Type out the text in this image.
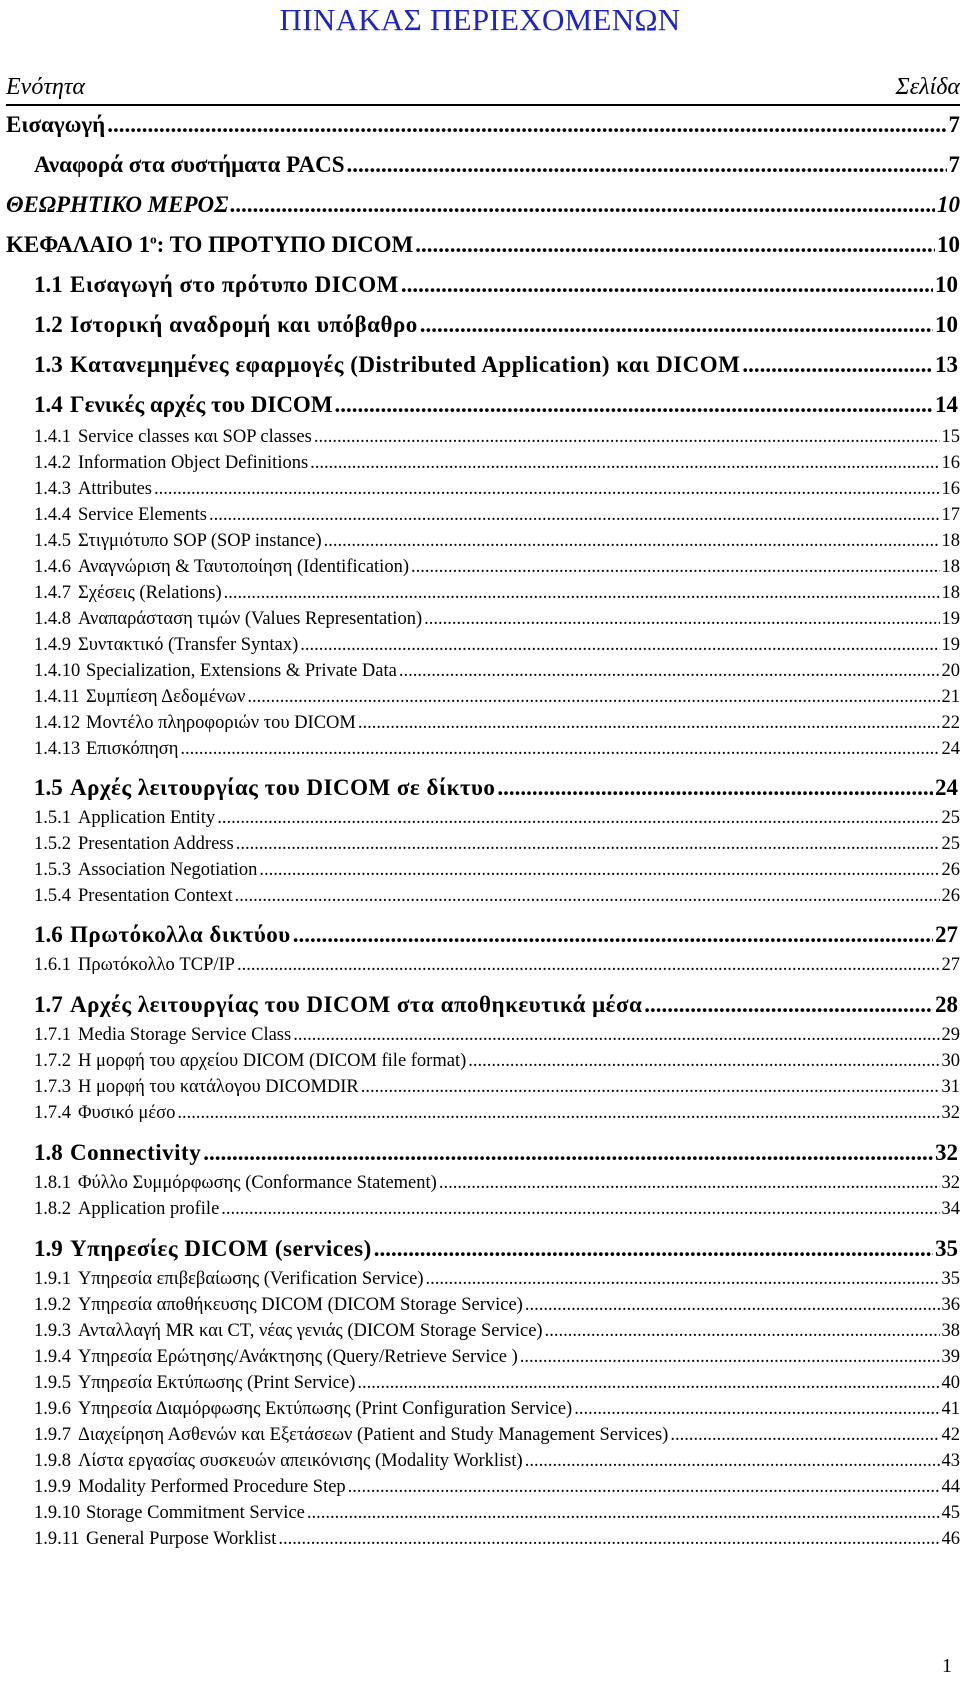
ΠΙΝΑΚΑΣ ΠΕΡΙΕΧΟΜΕΝΩΝ
Ενότητα	Σελίδα
Εισαγωγή .....	7
Αναφορά στα συστήματα PACS .....	7
ΘΕΩΡΗΤΙΚΟ ΜΕΡΟΣ .....	10
ΚΕΦΑΛΑΙΟ $1^o$: ΤΟ ΠΡΟΤΥΠΟ DICOM .....	10
1.1 Εισαγωγή στο πρότυπο DICOM .....	10
1.2 Ιστορική αναδρομή και υπόβαθρο .....	10
1.3 Κατανεμημένες εφαρμογές (Distributed Application) και DICOM .....	13
1.4 Γενικές αρχές του DICOM .....	14
1.4.1 Service classes και SOP classes .....	15
1.4.2 Information Object Definitions .....	16
1.4.3 Attributes .....	16
1.4.4 Service Elements .....	17
1.4.5 Στιγμιότυπο SOP (SOP instance) .....	18
1.4.6 Αναγνώριση & Ταυτοποίηση (Identification) .....	18
1.4.7 Σχέσεις (Relations) .....	18
1.4.8 Αναπαράσταση τιμών (Values Representation) .....	19
1.4.9 Συντακτικό (Transfer Syntax) .....	19
1.4.10 Specialization, Extensions & Private Data .....	20
1.4.11 Συμπίεση Δεδομένων .....	21
1.4.12 Μοντέλο πληροφοριών του DICOM .....	22
1.4.13 Επισκόπηση .....	24
1.5 Αρχές λειτουργίας του DICOM σε δίκτυο .....	24
1.5.1 Application Entity .....	25
1.5.2 Presentation Address .....	25
1.5.3 Association Negotiation .....	26
1.5.4 Presentation Context .....	26
1.6 Πρωτόκολλα δικτύου .....	27
1.6.1 Πρωτόκολλο TCP/IP .....	27
1.7 Αρχές λειτουργίας του DICOM στα αποθηκευτικά μέσα .....	28
1.7.1 Media Storage Service Class .....	29
1.7.2 Η μορφή του αρχείου DICOM (DICOM file format) .....	30
1.7.3 Η μορφή του κατάλογου DICOMDIR .....	31
1.7.4 Φυσικό μέσο .....	32
1.8 Connectivity .....	32
1.8.1 Φύλλο Συμμόρφωσης (Conformance Statement) .....	32
1.8.2 Application profile .....	34
1.9 Υπηρεσίες DICOM (services) .....	35
1.9.1 Υπηρεσία επιβεβαίωσης (Verification Service) .....	35
1.9.2 Υπηρεσία αποθήκευσης DICOM (DICOM Storage Service) .....	36
1.9.3 Ανταλλαγή MR και CT, νέας γενιάς (DICOM Storage Service) .....	38
1.9.4 Υπηρεσία Ερώτησης/Ανάκτησης (Query/Retrieve Service ) .....	39
1.9.5 Υπηρεσία Εκτύπωσης (Print Service) .....	40
1.9.6 Υπηρεσία Διαμόρφωσης Εκτύπωσης (Print Configuration Service) .....	41
1.9.7 Διαχείρηση Ασθενών και Εξετάσεων (Patient and Study Management Services) .....	42
1.9.8 Λίστα εργασίας συσκευών απεικόνισης (Modality Worklist) .....	43
1.9.9 Modality Performed Procedure Step .....	44
1.9.10 Storage Commitment Service .....	45
1.9.11 General Purpose Worklist .....	46
1
